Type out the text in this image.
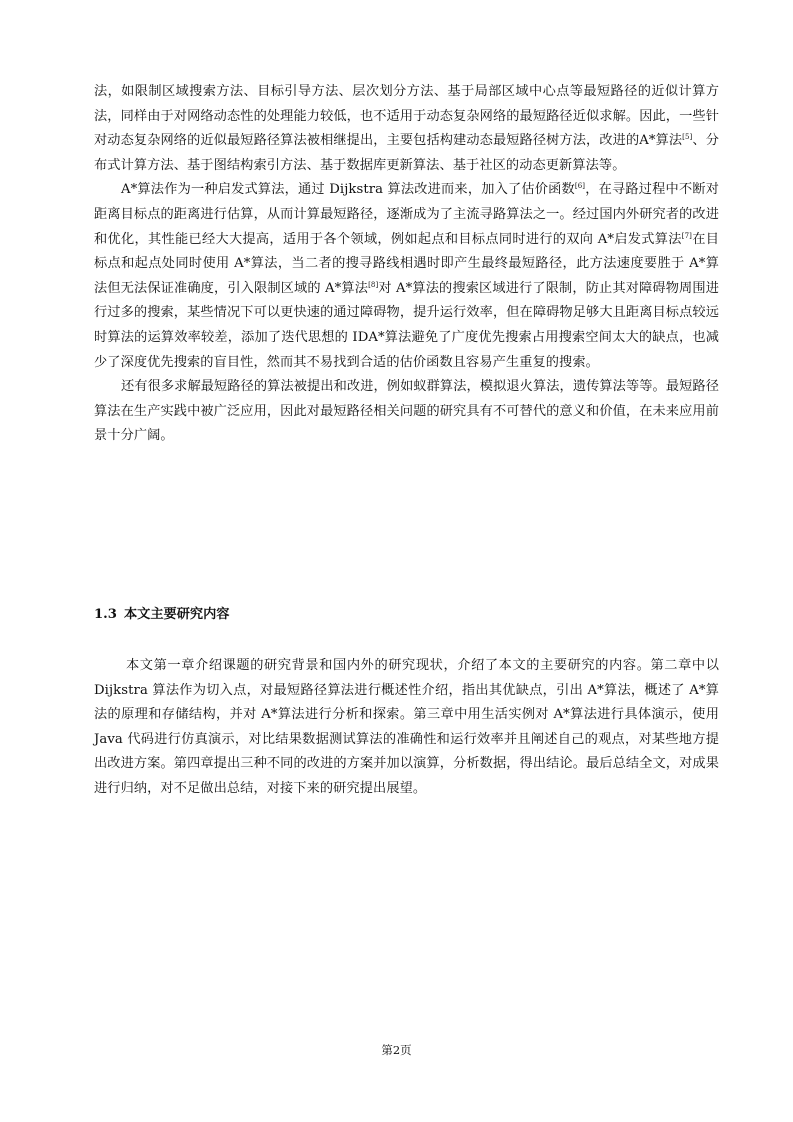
法，如限制区域搜索方法、目标引导方法、层次划分方法、基于局部区域中心点等最短路径的近似计算方法，同样由于对网络动态性的处理能力较低，也不适用于动态复杂网络的最短路径近似求解。因此，一些针对动态复杂网络的近似最短路径算法被相继提出，主要包括构建动态最短路径树方法，改进的A*算法[5]、分布式计算方法、基于图结构索引方法、基于数据库更新算法、基于社区的动态更新算法等。

A*算法作为一种启发式算法，通过 Dijkstra 算法改进而来，加入了估价函数[6]，在寻路过程中不断对距离目标点的距离进行估算，从而计算最短路径，逐渐成为了主流寻路算法之一。经过国内外研究者的改进和优化，其性能已经大大提高，适用于各个领域，例如起点和目标点同时进行的双向 A*启发式算法[7]在目标点和起点处同时使用 A*算法，当二者的搜寻路线相遇时即产生最终最短路径，此方法速度要胜于 A*算法但无法保证准确度，引入限制区域的 A*算法[8]对 A*算法的搜索区域进行了限制，防止其对障碍物周围进行过多的搜索，某些情况下可以更快速的通过障碍物，提升运行效率，但在障碍物足够大且距离目标点较远时算法的运算效率较差，添加了迭代思想的 IDA*算法避免了广度优先搜索占用搜索空间太大的缺点，也减少了深度优先搜索的盲目性，然而其不易找到合适的估价函数且容易产生重复的搜索。

还有很多求解最短路径的算法被提出和改进，例如蚁群算法，模拟退火算法，遗传算法等等。最短路径算法在生产实践中被广泛应用，因此对最短路径相关问题的研究具有不可替代的意义和价值，在未来应用前景十分广阔。

1.3 本文主要研究内容

本文第一章介绍课题的研究背景和国内外的研究现状，介绍了本文的主要研究的内容。第二章中以 Dijkstra 算法作为切入点，对最短路径算法进行概述性介绍，指出其优缺点，引出 A*算法，概述了 A*算法的原理和存储结构，并对 A*算法进行分析和探索。第三章中用生活实例对 A*算法进行具体演示，使用 Java 代码进行仿真演示，对比结果数据测试算法的准确性和运行效率并且阐述自己的观点，对某些地方提出改进方案。第四章提出三种不同的改进的方案并加以演算，分析数据，得出结论。最后总结全文，对成果进行归纳，对不足做出总结，对接下来的研究提出展望。

第2页
